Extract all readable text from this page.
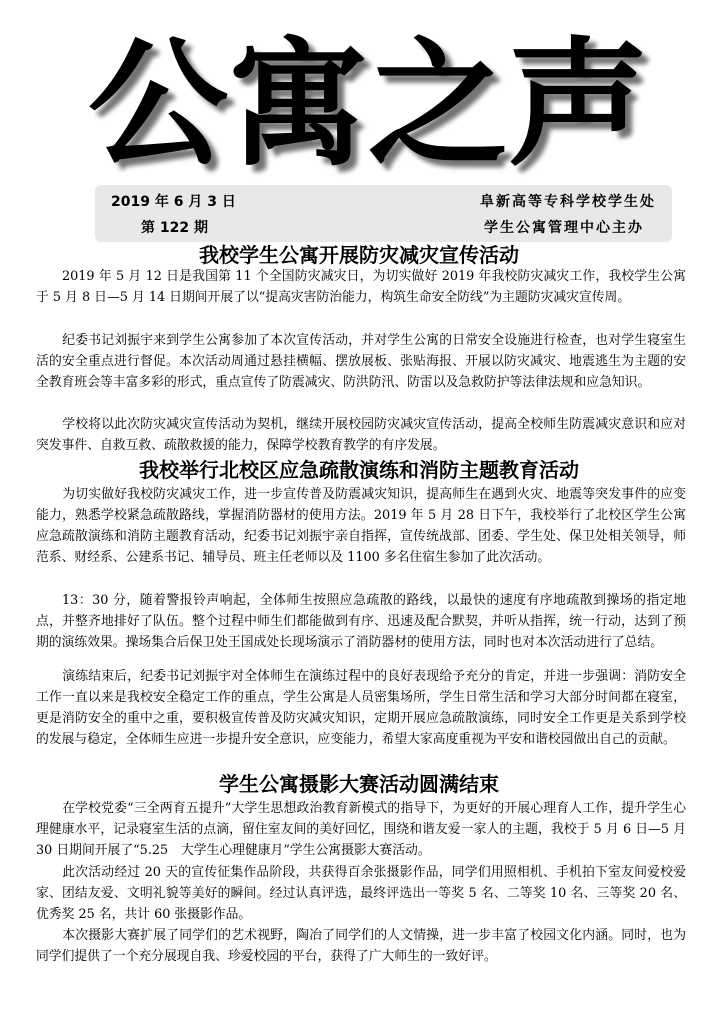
公寓之声
2019 年 6 月 3 日
第 122 期
阜新高等专科学校学生处
学生公寓管理中心主办
我校学生公寓开展防灾减灾宣传活动

2019 年 5 月 12 日是我国第 11 个全国防灾减灾日，为切实做好 2019 年我校防灾减灾工作，我校学生公寓于 5 月 8 日—5 月 14 日期间开展了以“提高灾害防治能力，构筑生命安全防线”为主题防灾减灾宣传周。

纪委书记刘振宇来到学生公寓参加了本次宣传活动，并对学生公寓的日常安全设施进行检查，也对学生寝室生活的安全重点进行督促。本次活动周通过悬挂横幅、摆放展板、张贴海报、开展以防灾减灾、地震逃生为主题的安全教育班会等丰富多彩的形式，重点宣传了防震减灾、防洪防汛、防雷以及急救防护等法律法规和应急知识。

学校将以此次防灾减灾宣传活动为契机，继续开展校园防灾减灾宣传活动，提高全校师生防震减灾意识和应对突发事件、自救互救、疏散救援的能力，保障学校教育教学的有序发展。

我校举行北校区应急疏散演练和消防主题教育活动

为切实做好我校防灾减灾工作，进一步宣传普及防震减灾知识，提高师生在遇到火灾、地震等突发事件的应变能力，熟悉学校紧急疏散路线，掌握消防器材的使用方法。2019 年 5 月 28 日下午，我校举行了北校区学生公寓应急疏散演练和消防主题教育活动，纪委书记刘振宇亲自指挥，宣传统战部、团委、学生处、保卫处相关领导，师范系、财经系、公建系书记、辅导员、班主任老师以及 1100 多名住宿生参加了此次活动。

13：30 分，随着警报铃声响起，全体师生按照应急疏散的路线，以最快的速度有序地疏散到操场的指定地点，并整齐地排好了队伍。整个过程中师生们都能做到有序、迅速及配合默契，并听从指挥，统一行动，达到了预期的演练效果。操场集合后保卫处王国成处长现场演示了消防器材的使用方法，同时也对本次活动进行了总结。

演练结束后，纪委书记刘振宇对全体师生在演练过程中的良好表现给予充分的肯定，并进一步强调：消防安全工作一直以来是我校安全稳定工作的重点，学生公寓是人员密集场所，学生日常生活和学习大部分时间都在寝室，更是消防安全的重中之重，要积极宣传普及防灾减灾知识，定期开展应急疏散演练，同时安全工作更是关系到学校的发展与稳定，全体师生应进一步提升安全意识，应变能力，希望大家高度重视为平安和谐校园做出自己的贡献。

学生公寓摄影大赛活动圆满结束

在学校党委“三全两育五提升”大学生思想政治教育新模式的指导下，为更好的开展心理育人工作，提升学生心理健康水平，记录寝室生活的点滴，留住室友间的美好回忆，围绕和谐友爱一家人的主题，我校于 5 月 6 日—5 月 30 日期间开展了“5.25　大学生心理健康月”学生公寓摄影大赛活动。

此次活动经过 20 天的宣传征集作品阶段，共获得百余张摄影作品，同学们用照相机、手机拍下室友间爱校爱家、团结友爱、文明礼貌等美好的瞬间。经过认真评选，最终评选出一等奖 5 名、二等奖 10 名、三等奖 20 名、优秀奖 25 名，共计 60 张摄影作品。

本次摄影大赛扩展了同学们的艺术视野，陶冶了同学们的人文情操，进一步丰富了校园文化内涵。同时，也为同学们提供了一个充分展现自我、珍爱校园的平台，获得了广大师生的一致好评。
